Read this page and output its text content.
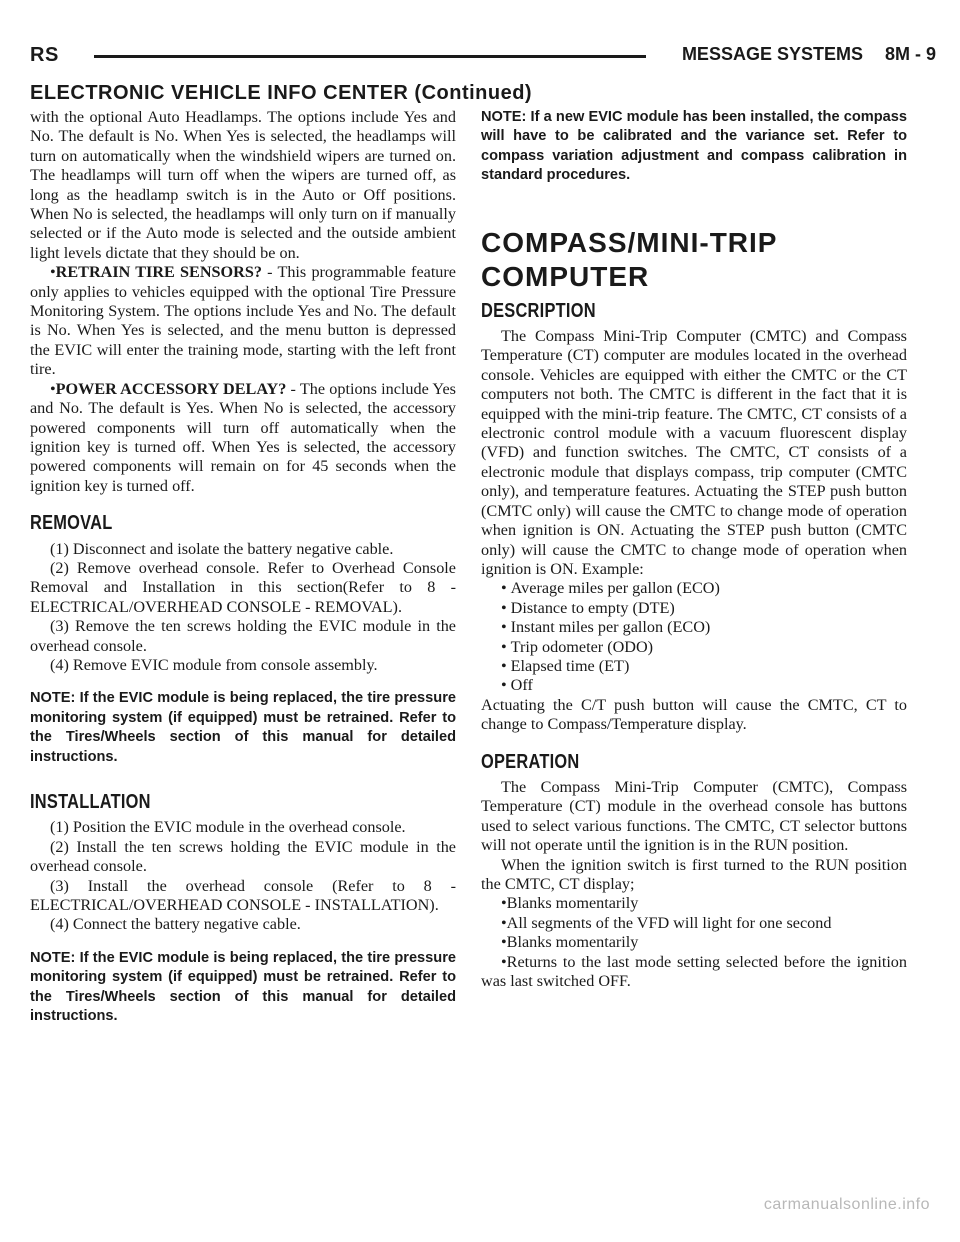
RS	MESSAGE SYSTEMS 8M - 9
ELECTRONIC VEHICLE INFO CENTER (Continued)

with the optional Auto Headlamps. The options include Yes and No. The default is No. When Yes is selected, the headlamps will turn on automatically when the windshield wipers are turned on. The headlamps will turn off when the wipers are turned off, as long as the headlamp switch is in the Auto or Off positions. When No is selected, the headlamps will only turn on if manually selected or if the Auto mode is selected and the outside ambient light levels dictate that they should be on.

•RETRAIN TIRE SENSORS? - This programmable feature only applies to vehicles equipped with the optional Tire Pressure Monitoring System. The options include Yes and No. The default is No. When Yes is selected, and the menu button is depressed the EVIC will enter the training mode, starting with the left front tire.

•POWER ACCESSORY DELAY? - The options include Yes and No. The default is Yes. When No is selected, the accessory powered components will turn off automatically when the ignition key is turned off. When Yes is selected, the accessory powered components will remain on for 45 seconds when the ignition key is turned off.

REMOVAL

(1) Disconnect and isolate the battery negative cable.

(2) Remove overhead console. Refer to Overhead Console Removal and Installation in this section(Refer to 8 - ELECTRICAL/OVERHEAD CONSOLE - REMOVAL).

(3) Remove the ten screws holding the EVIC module in the overhead console.

(4) Remove EVIC module from console assembly.

NOTE: If the EVIC module is being replaced, the tire pressure monitoring system (if equipped) must be retrained. Refer to the Tires/Wheels section of this manual for detailed instructions.

INSTALLATION

(1) Position the EVIC module in the overhead console.

(2) Install the ten screws holding the EVIC module in the overhead console.

(3) Install the overhead console (Refer to 8 - ELECTRICAL/OVERHEAD CONSOLE - INSTALLATION).

(4) Connect the battery negative cable.

NOTE: If the EVIC module is being replaced, the tire pressure monitoring system (if equipped) must be retrained. Refer to the Tires/Wheels section of this manual for detailed instructions.

NOTE: If a new EVIC module has been installed, the compass will have to be calibrated and the variance set. Refer to compass variation adjustment and compass calibration in standard procedures.

COMPASS/MINI-TRIP
COMPUTER
DESCRIPTION

The Compass Mini-Trip Computer (CMTC) and Compass Temperature (CT) computer are modules located in the overhead console. Vehicles are equipped with either the CMTC or the CT computers not both. The CMTC is different in the fact that it is equipped with the mini-trip feature. The CMTC, CT consists of a electronic control module with a vacuum fluorescent display (VFD) and function switches. The CMTC, CT consists of a electronic module that displays compass, trip computer (CMTC only), and temperature features. Actuating the STEP push button (CMTC only) will cause the CMTC to change mode of operation when ignition is ON. Actuating the STEP push button (CMTC only) will cause the CMTC to change mode of operation when ignition is ON. Example:

• Average miles per gallon (ECO)

• Distance to empty (DTE)

• Instant miles per gallon (ECO)

• Trip odometer (ODO)

• Elapsed time (ET)

• Off

Actuating the C/T push button will cause the CMTC, CT to change to Compass/Temperature display.

OPERATION

The Compass Mini-Trip Computer (CMTC), Compass Temperature (CT) module in the overhead console has buttons used to select various functions. The CMTC, CT selector buttons will not operate until the ignition is in the RUN position.

When the ignition switch is first turned to the RUN position the CMTC, CT display;

•Blanks momentarily

•All segments of the VFD will light for one second

•Blanks momentarily

•Returns to the last mode setting selected before the ignition was last switched OFF.

carmanualsonline.info
